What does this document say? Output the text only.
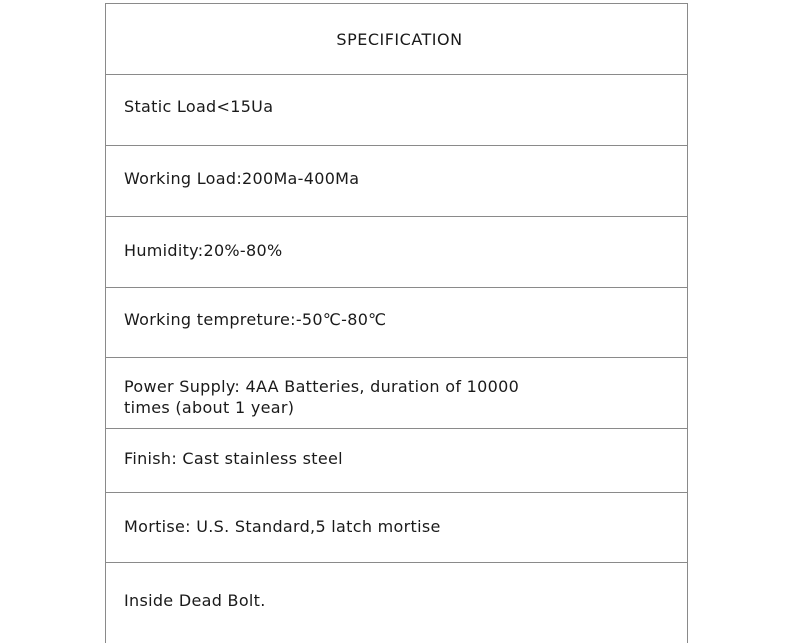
SPECIFICATION
Static Load<15Ua
Working Load:200Ma-400Ma
Humidity:20%-80%
Working tempreture:-50℃-80℃
Power Supply: 4AA Batteries, duration of 10000 times (about 1 year)
Finish: Cast stainless steel
Mortise: U.S. Standard,5 latch mortise
Inside Dead Bolt.
